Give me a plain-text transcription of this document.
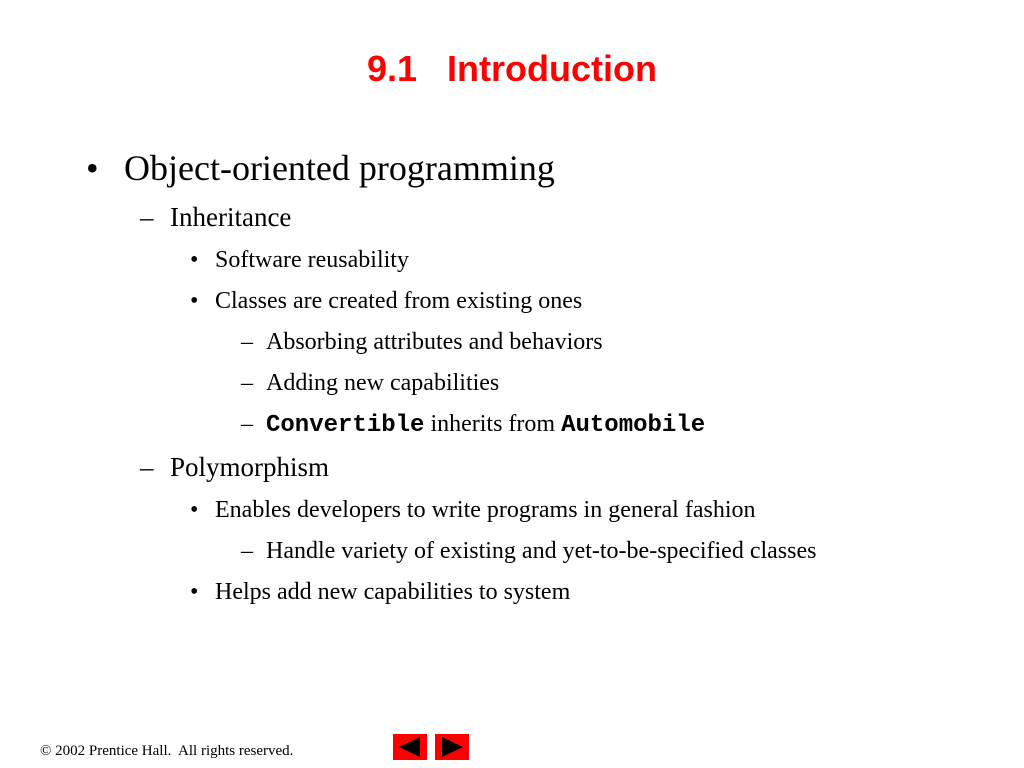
9.1   Introduction
• Object-oriented programming
– Inheritance
• Software reusability
• Classes are created from existing ones
– Absorbing attributes and behaviors
– Adding new capabilities
– Convertible inherits from Automobile
– Polymorphism
• Enables developers to write programs in general fashion
– Handle variety of existing and yet-to-be-specified classes
• Helps add new capabilities to system
© 2002 Prentice Hall.  All rights reserved.
